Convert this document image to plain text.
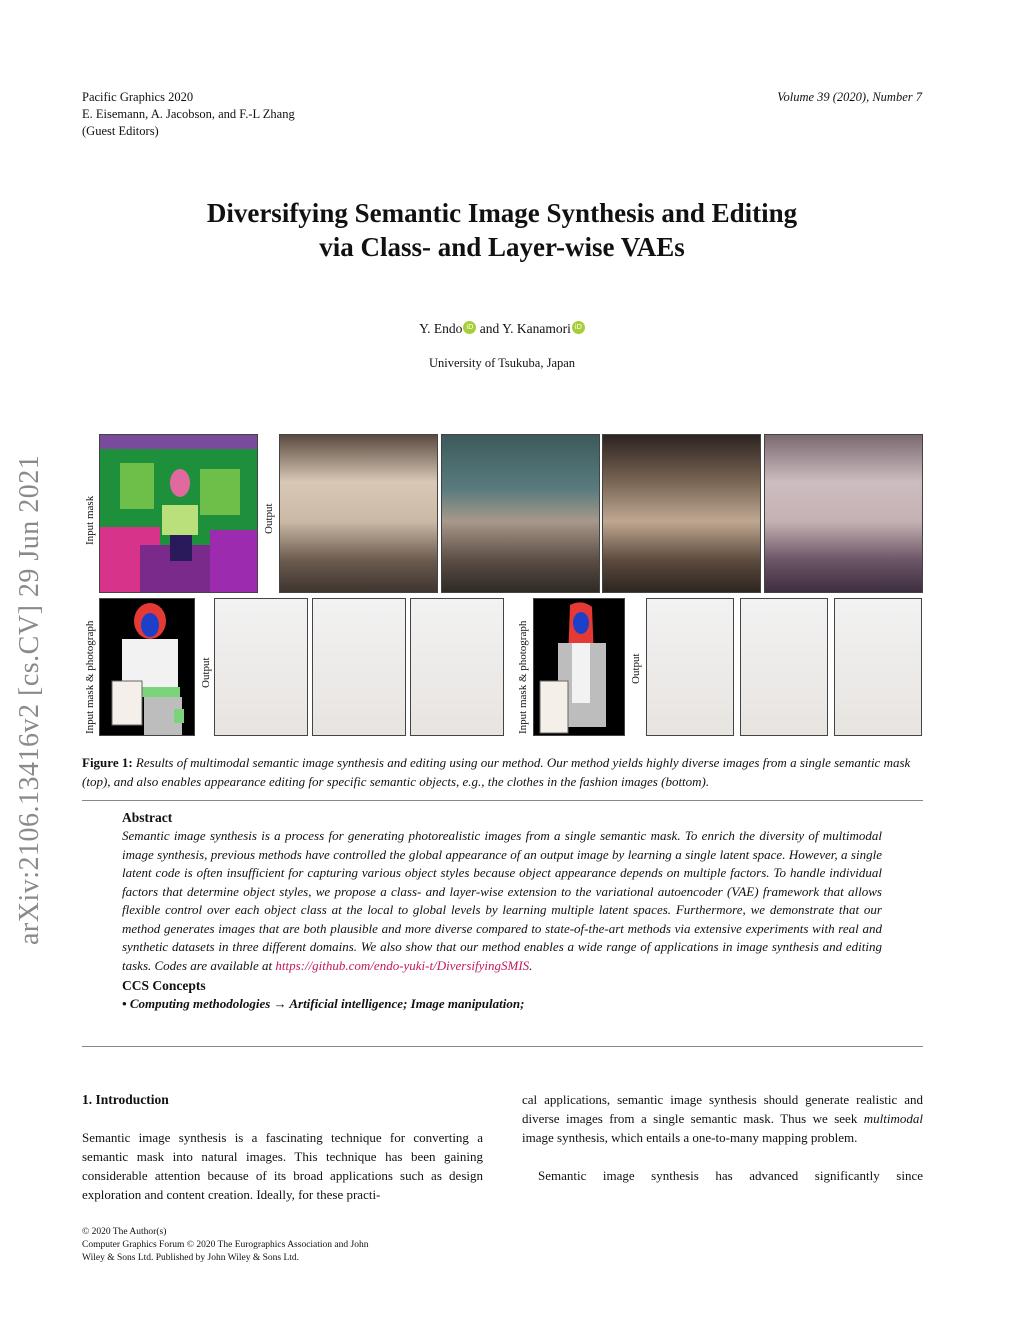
Pacific Graphics 2020
E. Eisemann, A. Jacobson, and F.-L Zhang
(Guest Editors)
Volume 39 (2020), Number 7
arXiv:2106.13416v2 [cs.CV] 29 Jun 2021
Diversifying Semantic Image Synthesis and Editing
via Class- and Layer-wise VAEs
Y. Endo iD and Y. Kanamori iD
University of Tsukuba, Japan
Input mask	Output
Input mask & photograph	Output	Input mask & photograph	Output
Figure 1: Results of multimodal semantic image synthesis and editing using our method. Our method yields highly diverse images from a single semantic mask (top), and also enables appearance editing for specific semantic objects, e.g., the clothes in the fashion images (bottom).
Abstract
Semantic image synthesis is a process for generating photorealistic images from a single semantic mask. To enrich the diversity of multimodal image synthesis, previous methods have controlled the global appearance of an output image by learning a single latent space. However, a single latent code is often insufficient for capturing various object styles because object appearance depends on multiple factors. To handle individual factors that determine object styles, we propose a class- and layer-wise extension to the variational autoencoder (VAE) framework that allows flexible control over each object class at the local to global levels by learning multiple latent spaces. Furthermore, we demonstrate that our method generates images that are both plausible and more diverse compared to state-of-the-art methods via extensive experiments with real and synthetic datasets in three different domains. We also show that our method enables a wide range of applications in image synthesis and editing tasks. Codes are available at https://github.com/endo-yuki-t/DiversifyingSMIS.
CCS Concepts
• Computing methodologies → Artificial intelligence; Image manipulation;
1. Introduction
Semantic image synthesis is a fascinating technique for converting a semantic mask into natural images. This technique has been gaining considerable attention because of its broad applications such as design exploration and content creation. Ideally, for these practi-
cal applications, semantic image synthesis should generate realistic and diverse images from a single semantic mask. Thus we seek multimodal image synthesis, which entails a one-to-many mapping problem.
Semantic image synthesis has advanced significantly since
© 2020 The Author(s)
Computer Graphics Forum © 2020 The Eurographics Association and John
Wiley & Sons Ltd. Published by John Wiley & Sons Ltd.
